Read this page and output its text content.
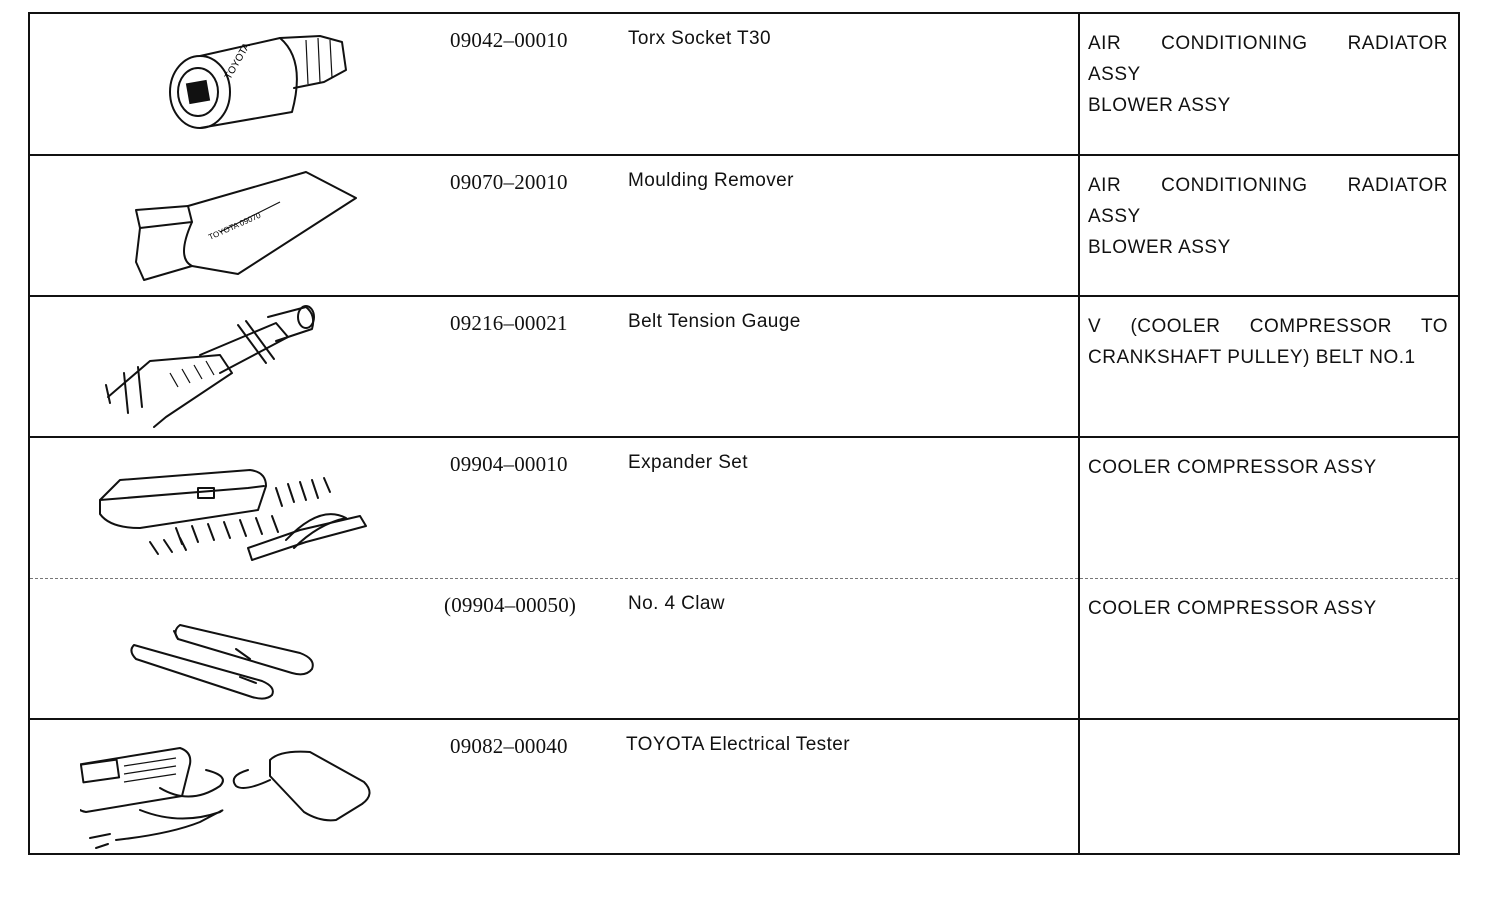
TOYOTA
09042–00010	Torx Socket T30	AIR CONDITIONING RADIATOR
ASSY
BLOWER ASSY
TOYOTA 09070
09070–20010	Moulding Remover	AIR CONDITIONING RADIATOR
ASSY
BLOWER ASSY
09216–00021	Belt Tension Gauge	V (COOLER COMPRESSOR TO
CRANKSHAFT PULLEY) BELT NO.1
09904–00010	Expander Set	COOLER COMPRESSOR ASSY
(09904–00050)	No. 4 Claw	COOLER COMPRESSOR ASSY
09082–00040	TOYOTA Electrical Tester
